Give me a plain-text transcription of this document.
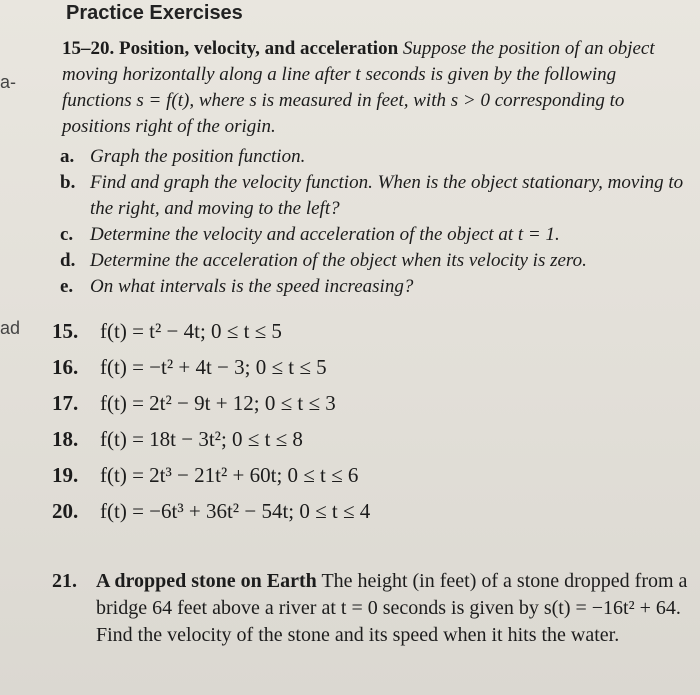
a-
ad
Practice Exercises
15–20. Position, velocity, and acceleration Suppose the position of an object moving horizontally along a line after t seconds is given by the following functions s = f(t), where s is measured in feet, with s > 0 corresponding to positions right of the origin.
a. Graph the position function.
b. Find and graph the velocity function. When is the object stationary, moving to the right, and moving to the left?
c. Determine the velocity and acceleration of the object at t = 1.
d. Determine the acceleration of the object when its velocity is zero.
e. On what intervals is the speed increasing?
15. f(t) = t² − 4t; 0 ≤ t ≤ 5
16. f(t) = −t² + 4t − 3; 0 ≤ t ≤ 5
17. f(t) = 2t² − 9t + 12; 0 ≤ t ≤ 3
18. f(t) = 18t − 3t²; 0 ≤ t ≤ 8
19. f(t) = 2t³ − 21t² + 60t; 0 ≤ t ≤ 6
20. f(t) = −6t³ + 36t² − 54t; 0 ≤ t ≤ 4
21. A dropped stone on Earth The height (in feet) of a stone dropped from a bridge 64 feet above a river at t = 0 seconds is given by s(t) = −16t² + 64. Find the velocity of the stone and its speed when it hits the water.
